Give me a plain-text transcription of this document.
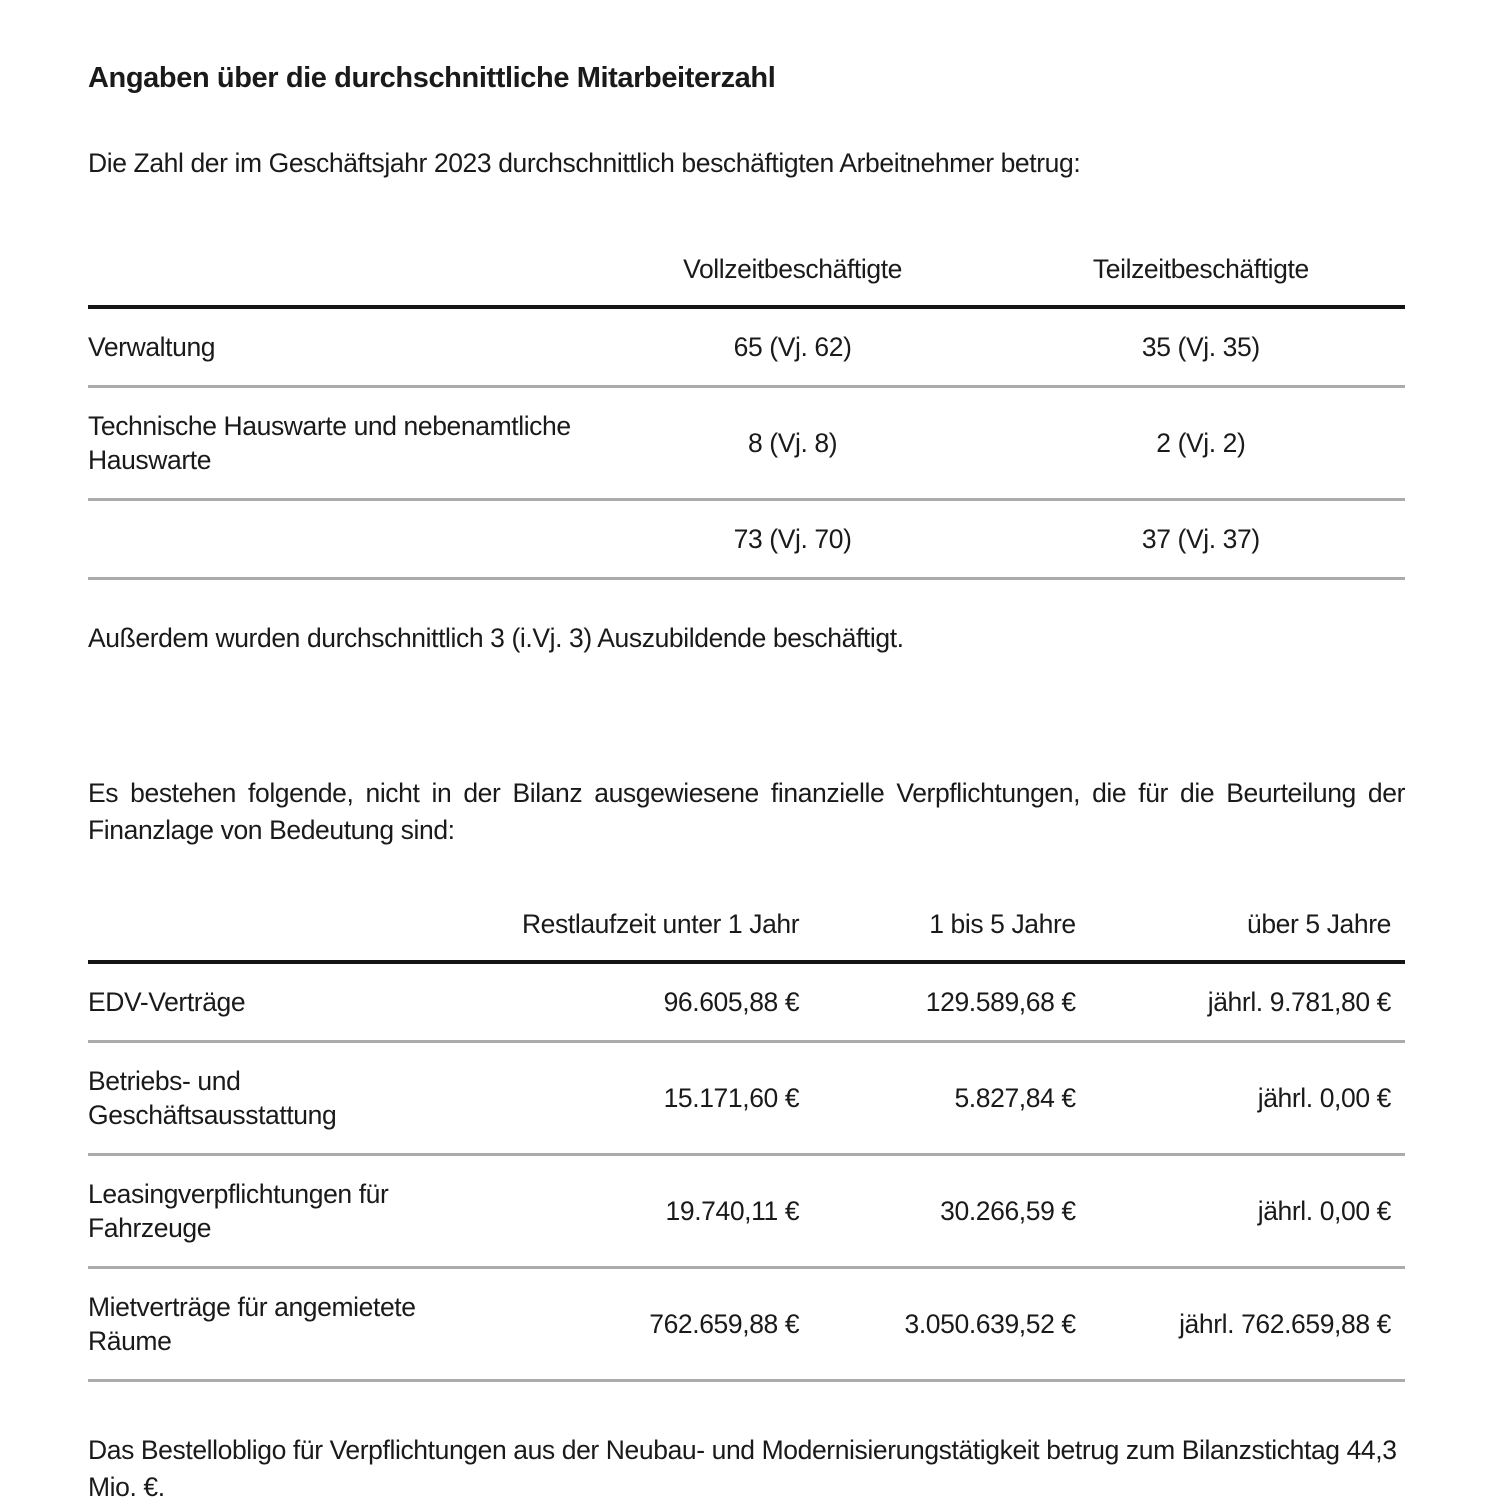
Angaben über die durchschnittliche Mitarbeiterzahl

Die Zahl der im Geschäftsjahr 2023 durchschnittlich beschäftigten Arbeitnehmer betrug:

	Vollzeitbeschäftigte	Teilzeitbeschäftigte
Verwaltung	65 (Vj. 62)	35 (Vj. 35)
Technische Hauswarte und nebenamtliche Hauswarte	8 (Vj. 8)	2 (Vj. 2)
	73 (Vj. 70)	37 (Vj. 37)

Außerdem wurden durchschnittlich 3 (i.Vj. 3) Auszubildende beschäftigt.

Es bestehen folgende, nicht in der Bilanz ausgewiesene finanzielle Verpflichtungen, die für die Beurteilung der Finanzlage von Bedeutung sind:

	Restlaufzeit unter 1 Jahr	1 bis 5 Jahre	über 5 Jahre
EDV-Verträge	96.605,88 €	129.589,68 €	jährl. 9.781,80 €
Betriebs- und Geschäftsausstattung	15.171,60 €	5.827,84 €	jährl. 0,00 €
Leasingverpflichtungen für Fahrzeuge	19.740,11 €	30.266,59 €	jährl. 0,00 €
Mietverträge für angemietete Räume	762.659,88 €	3.050.639,52 €	jährl. 762.659,88 €

Das Bestellobligo für Verpflichtungen aus der Neubau- und Modernisierungstätigkeit betrug zum Bilanzstichtag 44,3 Mio. €.
